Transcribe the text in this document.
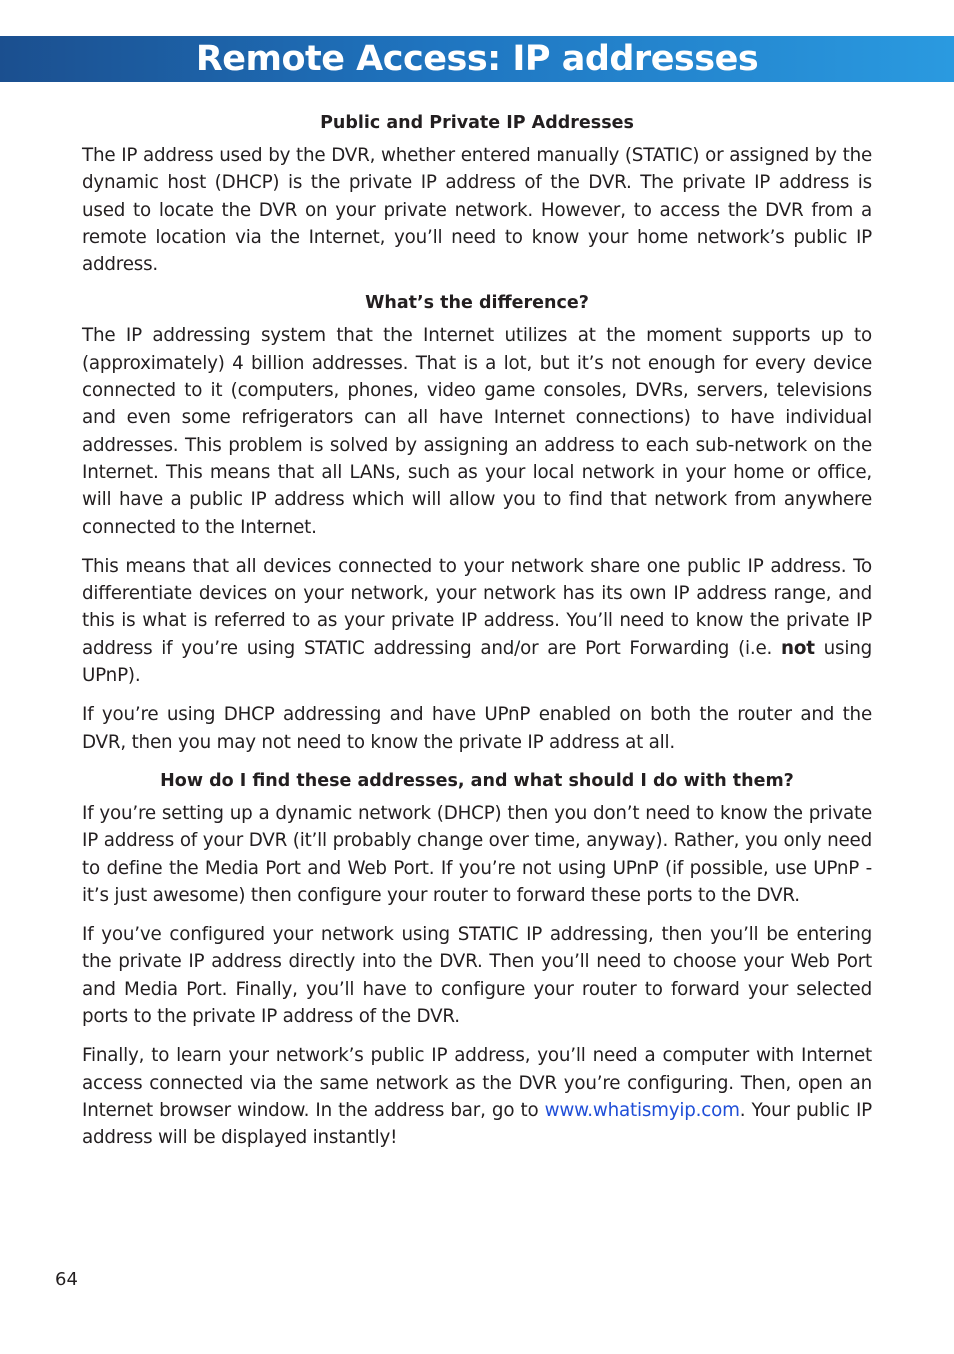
Remote Access: IP addresses

Public and Private IP Addresses

The IP address used by the DVR, whether entered manually (STATIC) or assigned by the dynamic host (DHCP) is the private IP address of the DVR. The private IP address is used to locate the DVR on your private network. However, to access the DVR from a remote location via the Internet, you’ll need to know your home network’s public IP address.

What’s the difference?

The IP addressing system that the Internet utilizes at the moment supports up to (approximately) 4 billion addresses. That is a lot, but it’s not enough for every device connected to it (computers, phones, video game consoles, DVRs, servers, televisions and even some refrigerators can all have Internet connections) to have individual addresses. This problem is solved by assigning an address to each sub-network on the Internet. This means that all LANs, such as your local network in your home or office, will have a public IP address which will allow you to find that network from anywhere connected to the Internet.

This means that all devices connected to your network share one public IP address. To differentiate devices on your network, your network has its own IP address range, and this is what is referred to as your private IP address. You’ll need to know the private IP address if you’re using STATIC addressing and/or are Port Forwarding (i.e. not using UPnP).

If you’re using DHCP addressing and have UPnP enabled on both the router and the DVR, then you may not need to know the private IP address at all.

How do I find these addresses, and what should I do with them?

If you’re setting up a dynamic network (DHCP) then you don’t need to know the private IP address of your DVR (it’ll probably change over time, anyway). Rather, you only need to define the Media Port and Web Port. If you’re not using UPnP (if possible, use UPnP - it’s just awesome) then configure your router to forward these ports to the DVR.

If you’ve configured your network using STATIC IP addressing, then you’ll be entering the private IP address directly into the DVR. Then you’ll need to choose your Web Port and Media Port. Finally, you’ll have to configure your router to forward your selected ports to the private IP address of the DVR.

Finally, to learn your network’s public IP address, you’ll need a computer with Internet access connected via the same network as the DVR you’re configuring. Then, open an Internet browser window. In the address bar, go to www.whatismyip.com. Your public IP address will be displayed instantly!

64
